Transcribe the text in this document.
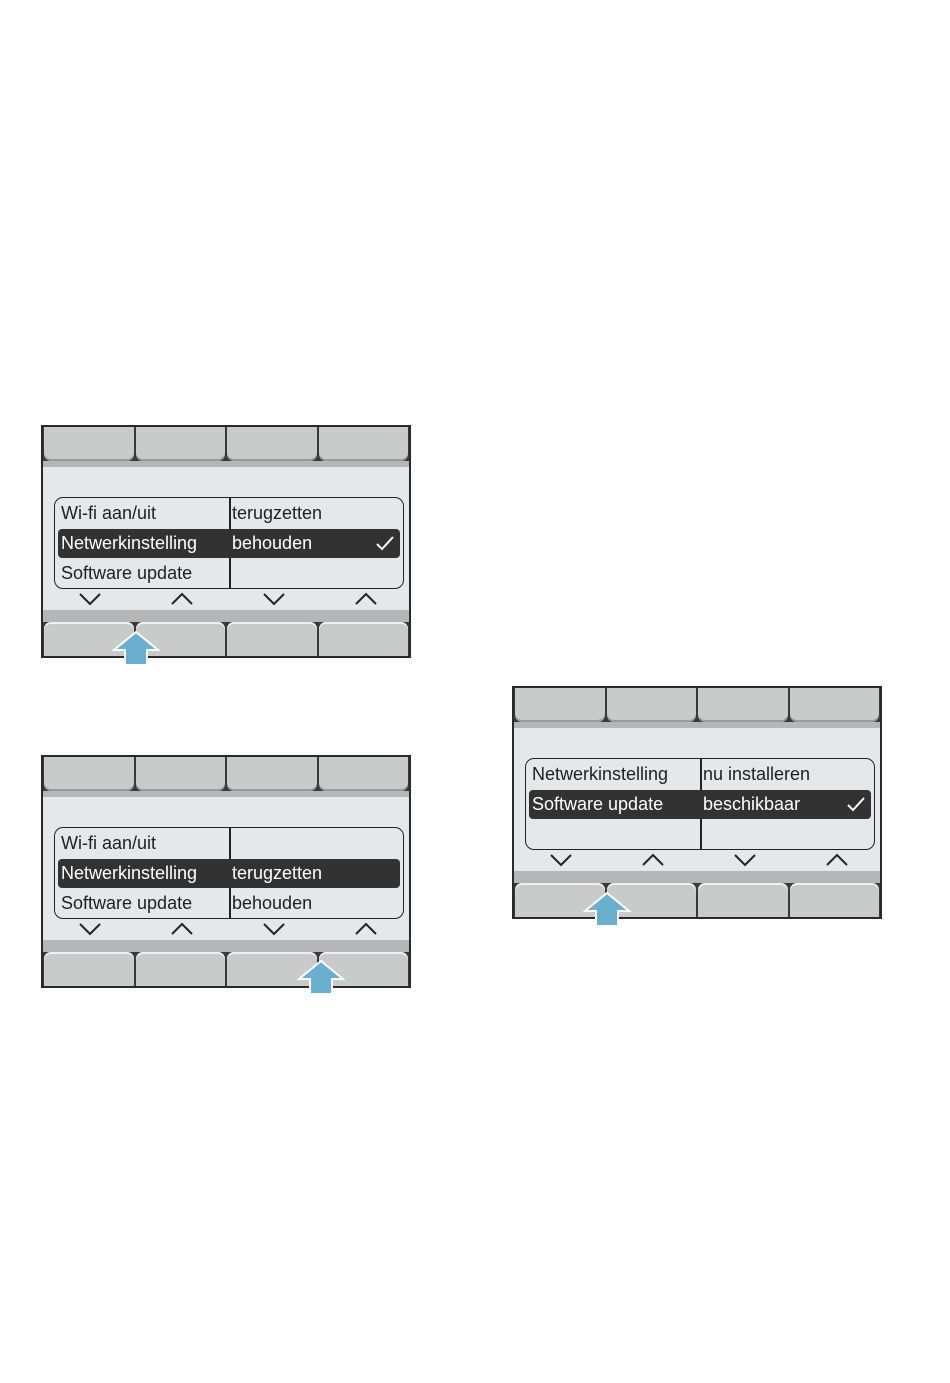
Wi-fi aan/uit	terugzetten
Netwerkinstelling behouden
Software update
Wi-fi aan/uit
Netwerkinstelling terugzetten
Software update behouden
Netwerkinstelling nu installeren
Software update beschikbaar
